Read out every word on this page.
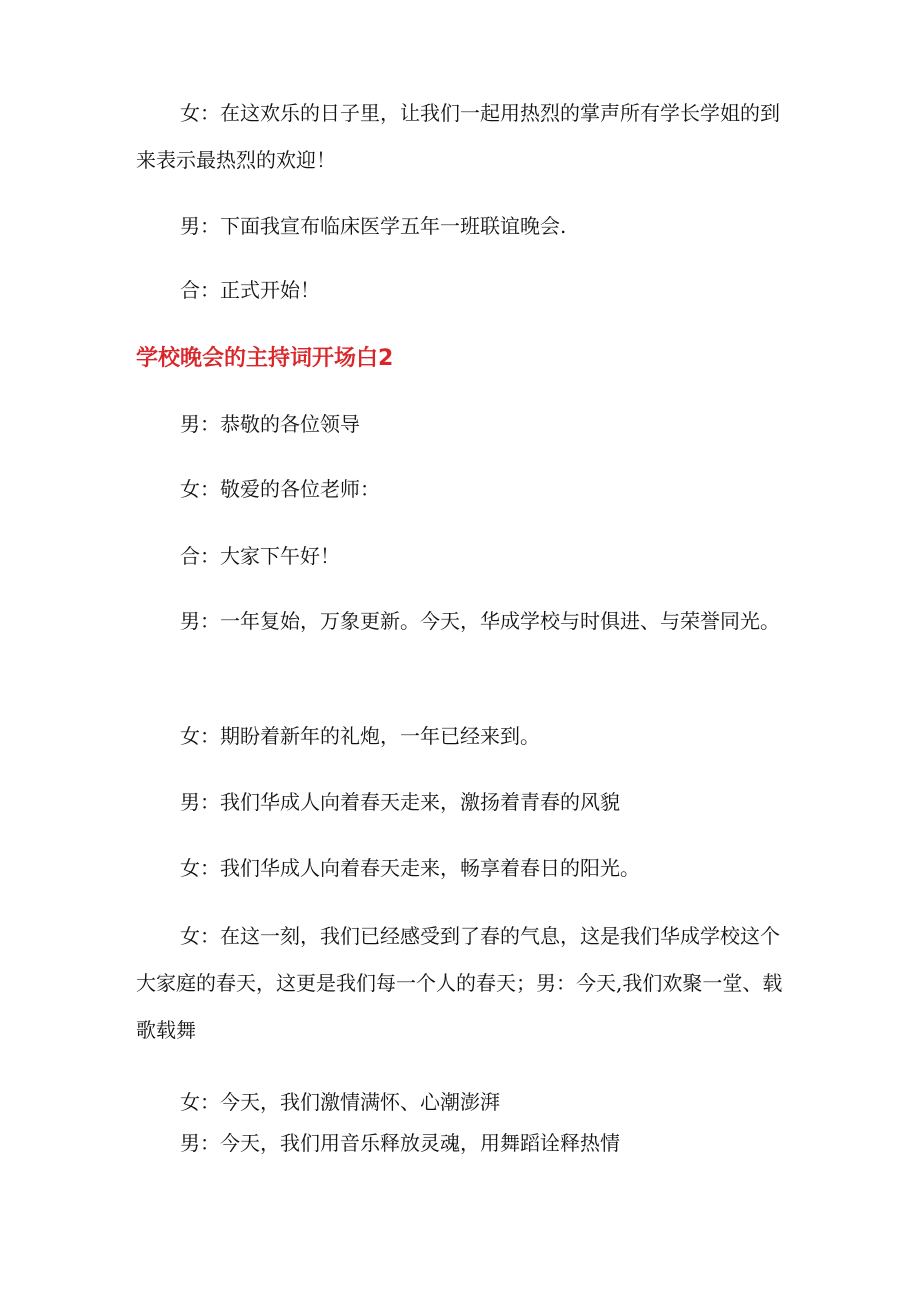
女：在这欢乐的日子里，让我们一起用热烈的掌声所有学长学姐的到来表示最热烈的欢迎！

男：下面我宣布临床医学五年一班联谊晚会.

合：正式开始！

学校晚会的主持词开场白2

男：恭敬的各位领导

女：敬爱的各位老师：

合：大家下午好！

男：一年复始，万象更新。今天，华成学校与时俱进、与荣誉同光。

女：期盼着新年的礼炮，一年已经来到。

男：我们华成人向着春天走来，激扬着青春的风貌

女：我们华成人向着春天走来，畅享着春日的阳光。

女：在这一刻，我们已经感受到了春的气息，这是我们华成学校这个大家庭的春天，这更是我们每一个人的春天；男：今天,我们欢聚一堂、载歌载舞

女：今天，我们激情满怀、心潮澎湃

男：今天，我们用音乐释放灵魂，用舞蹈诠释热情
